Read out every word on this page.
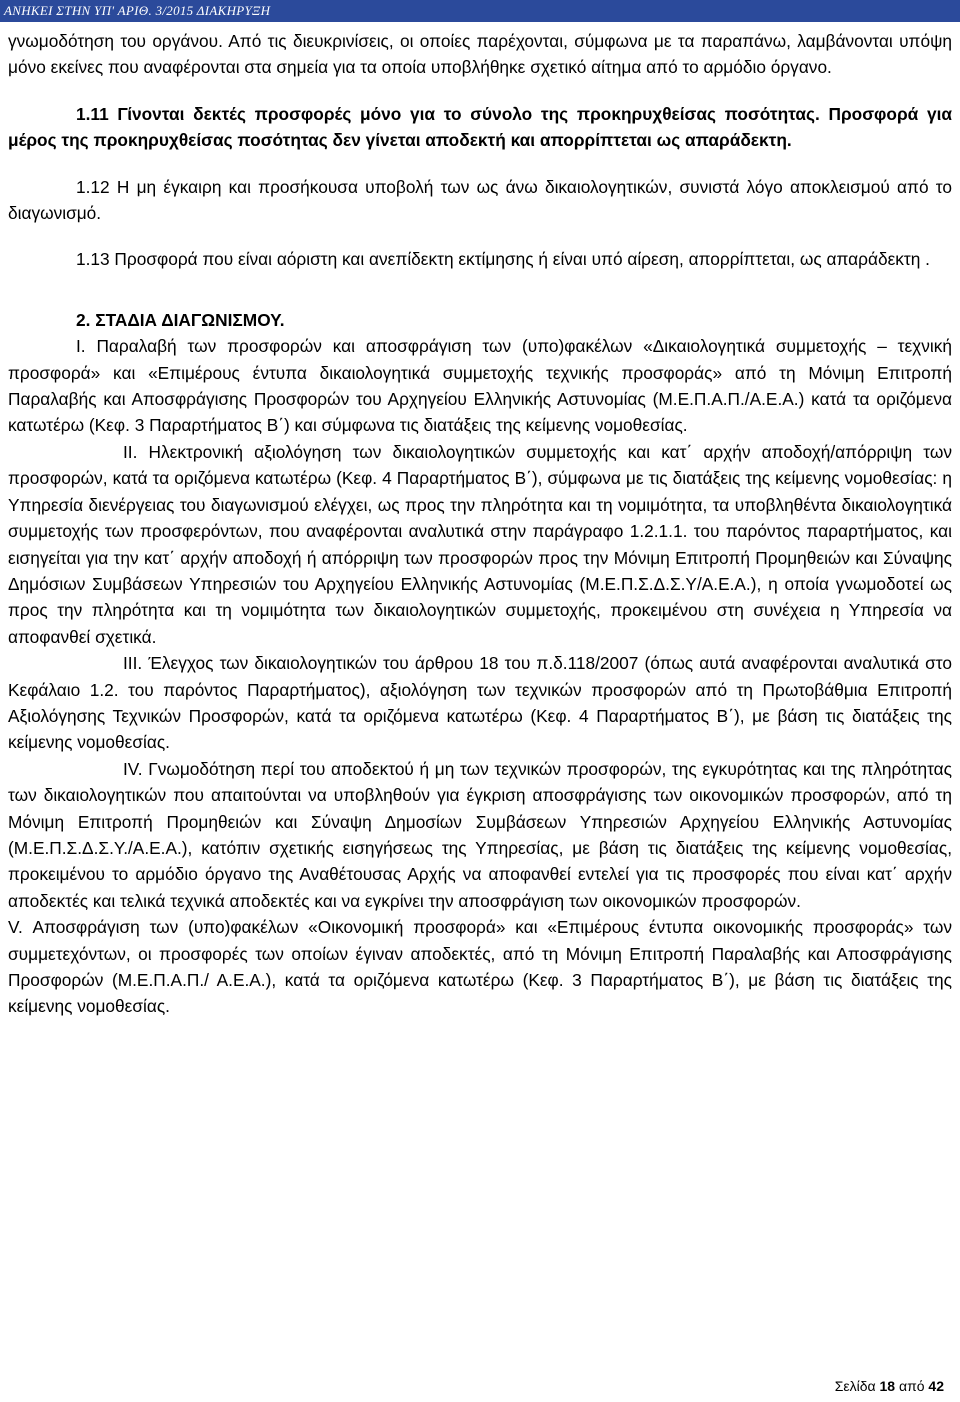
ΑΝΗΚΕΙ ΣΤΗΝ ΥΠ' ΑΡΙΘ. 3/2015 ΔΙΑΚΗΡΥΞΗ

γνωμοδότηση του οργάνου. Από τις διευκρινίσεις, οι οποίες παρέχονται, σύμφωνα με τα παραπάνω, λαμβάνονται υπόψη μόνο εκείνες που αναφέρονται στα σημεία για τα οποία υποβλήθηκε σχετικό αίτημα από το αρμόδιο όργανο.

1.11 Γίνονται δεκτές προσφορές μόνο για το σύνολο της προκηρυχθείσας ποσότητας. Προσφορά για μέρος της προκηρυχθείσας ποσότητας δεν γίνεται αποδεκτή και απορρίπτεται ως απαράδεκτη.

1.12 Η μη έγκαιρη και προσήκουσα υποβολή των ως άνω δικαιολογητικών, συνιστά λόγο αποκλεισμού από το διαγωνισμό.

1.13 Προσφορά που είναι αόριστη και ανεπίδεκτη εκτίμησης ή είναι υπό αίρεση, απορρίπτεται, ως απαράδεκτη .

2. ΣΤΑΔΙΑ ΔΙΑΓΩΝΙΣΜΟΥ.

Ι. Παραλαβή των προσφορών και αποσφράγιση των (υπο)φακέλων «Δικαιολογητικά συμμετοχής – τεχνική προσφορά» και «Επιμέρους έντυπα δικαιολογητικά συμμετοχής τεχνικής προσφοράς» από τη Μόνιμη Επιτροπή Παραλαβής και Αποσφράγισης Προσφορών του Αρχηγείου Ελληνικής Αστυνομίας (Μ.Ε.Π.Α.Π./Α.Ε.Α.) κατά τα οριζόμενα κατωτέρω (Κεφ. 3 Παραρτήματος Β΄) και σύμφωνα τις διατάξεις της κείμενης νομοθεσίας.

ΙΙ. Ηλεκτρονική αξιολόγηση των δικαιολογητικών συμμετοχής και κατ΄ αρχήν αποδοχή/απόρριψη των προσφορών, κατά τα οριζόμενα κατωτέρω (Κεφ. 4 Παραρτήματος Β΄), σύμφωνα με τις διατάξεις της κείμενης νομοθεσίας: η Υπηρεσία διενέργειας του διαγωνισμού ελέγχει, ως προς την πληρότητα και τη νομιμότητα, τα υποβληθέντα δικαιολογητικά συμμετοχής των προσφερόντων, που αναφέρονται αναλυτικά στην παράγραφο 1.2.1.1. του παρόντος παραρτήματος, και εισηγείται για την κατ΄ αρχήν αποδοχή ή απόρριψη των προσφορών προς την Μόνιμη Επιτροπή Προμηθειών και Σύναψης Δημόσιων Συμβάσεων Υπηρεσιών του Αρχηγείου Ελληνικής Αστυνομίας (Μ.Ε.Π.Σ.Δ.Σ.Υ/Α.Ε.Α.), η οποία γνωμοδοτεί ως προς την πληρότητα και τη νομιμότητα των δικαιολογητικών συμμετοχής, προκειμένου στη συνέχεια η Υπηρεσία να αποφανθεί σχετικά.

ΙΙΙ. Έλεγχος των δικαιολογητικών του άρθρου 18 του π.δ.118/2007 (όπως αυτά αναφέρονται αναλυτικά στο Κεφάλαιο 1.2. του παρόντος Παραρτήματος), αξιολόγηση των τεχνικών προσφορών από τη Πρωτοβάθμια Επιτροπή Αξιολόγησης Τεχνικών Προσφορών, κατά τα οριζόμενα κατωτέρω (Κεφ. 4 Παραρτήματος Β΄), με βάση τις διατάξεις της κείμενης νομοθεσίας.

ΙV. Γνωμοδότηση περί του αποδεκτού ή μη των τεχνικών προσφορών, της εγκυρότητας και της πληρότητας των δικαιολογητικών που απαιτούνται να υποβληθούν για έγκριση αποσφράγισης των οικονομικών προσφορών, από τη Μόνιμη Επιτροπή Προμηθειών και Σύναψη Δημοσίων Συμβάσεων Υπηρεσιών Αρχηγείου Ελληνικής Αστυνομίας (Μ.Ε.Π.Σ.Δ.Σ.Υ./Α.Ε.Α.), κατόπιν σχετικής εισηγήσεως της Υπηρεσίας, με βάση τις διατάξεις της κείμενης νομοθεσίας, προκειμένου το αρμόδιο όργανο της Αναθέτουσας Αρχής να αποφανθεί εντελεί για τις προσφορές που είναι κατ΄ αρχήν αποδεκτές και τελικά τεχνικά αποδεκτές και να εγκρίνει την αποσφράγιση των οικονομικών προσφορών.

V. Αποσφράγιση των (υπο)φακέλων «Οικονομική προσφορά» και «Επιμέρους έντυπα οικονομικής προσφοράς» των συμμετεχόντων, οι προσφορές των οποίων έγιναν αποδεκτές, από τη Μόνιμη Επιτροπή Παραλαβής και Αποσφράγισης Προσφορών (Μ.Ε.Π.Α.Π./ Α.Ε.Α.), κατά τα οριζόμενα κατωτέρω (Κεφ. 3 Παραρτήματος Β΄), με βάση τις διατάξεις της κείμενης νομοθεσίας.

Σελίδα 18 από 42
